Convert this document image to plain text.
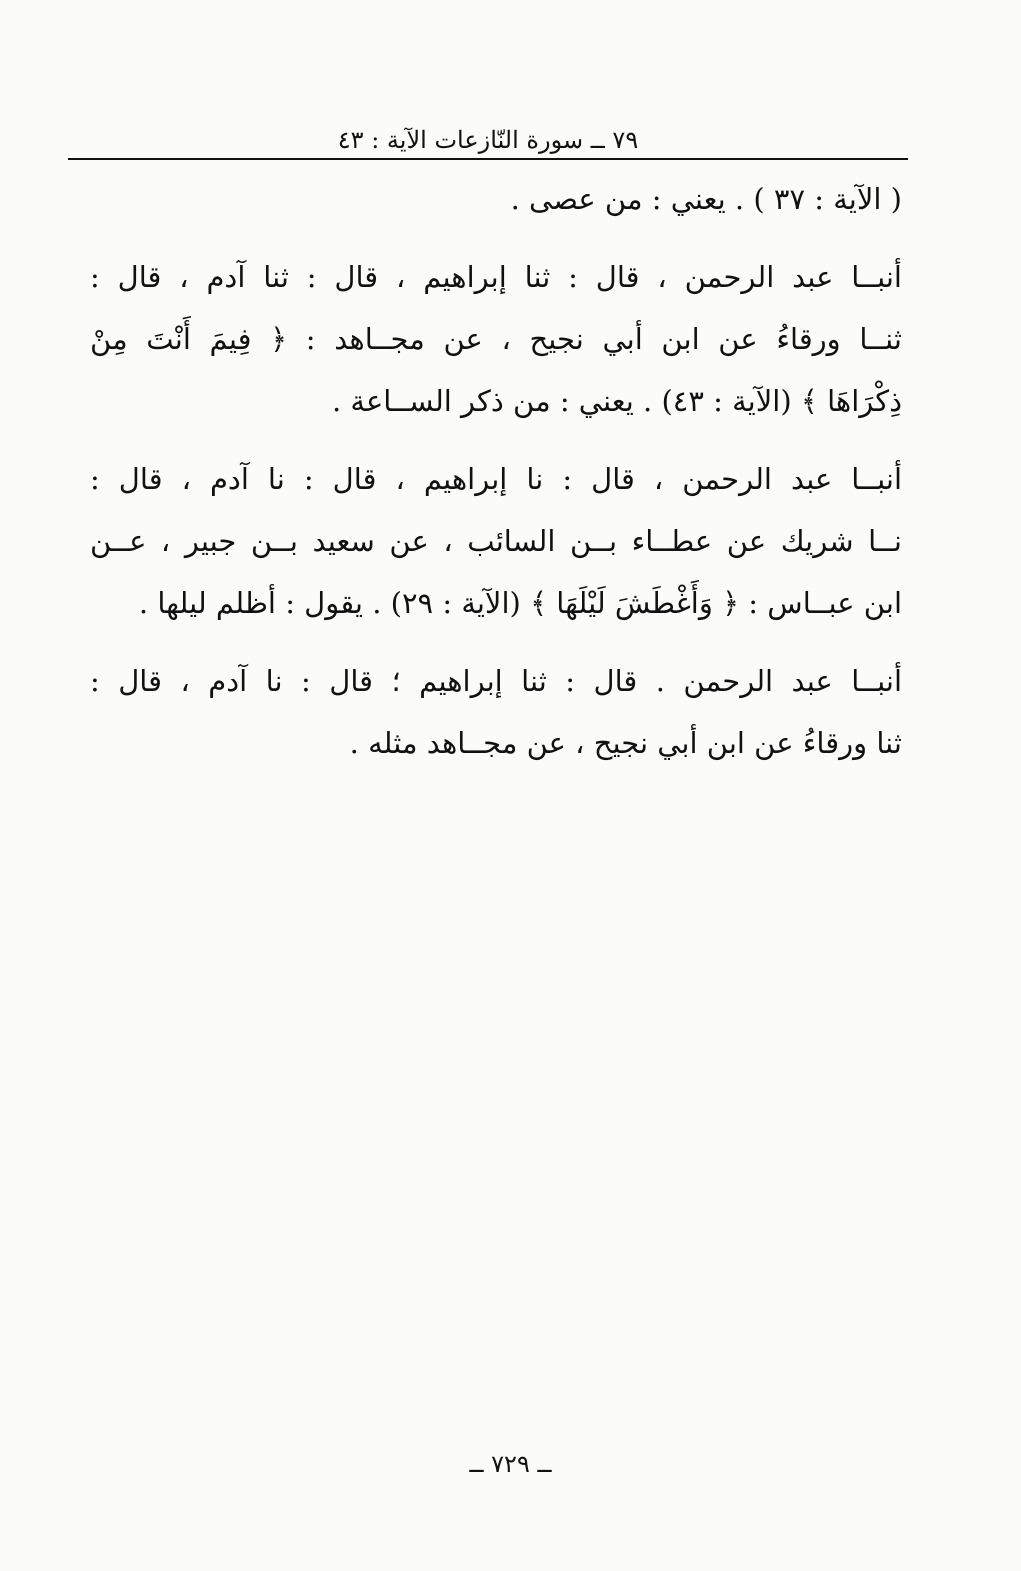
٧٩ ــ سورة النّازعات الآية : ٤٣
( الآية : ٣٧ ) . يعني : من عصى .
أنبــا عبد الرحمن ، قال : ثنا إبراهيم ، قال : ثنا آدم ، قال :
ثنــا ورقاءُ عن ابن أبي نجيح ، عن مجــاهد : ﴿ فِيمَ أَنْتَ مِنْ
ذِكْرَاهَا ﴾ (الآية : ٤٣) . يعني : من ذكر الســاعة .
أنبــا عبد الرحمن ، قال : نا إبراهيم ، قال : نا آدم ، قال :
نــا شريك عن عطــاء بــن السائب ، عن سعيد بــن جبير ، عــن
ابن عبــاس : ﴿ وَأَغْطَشَ لَيْلَهَا ﴾ (الآية : ٢٩) . يقول : أظلم ليلها .
أنبــا عبد الرحمن . قال : ثنا إبراهيم ؛ قال : نا آدم ، قال :
ثنا ورقاءُ عن ابن أبي نجيح ، عن مجــاهد مثله .
ــ ٧٢٩ ــ
